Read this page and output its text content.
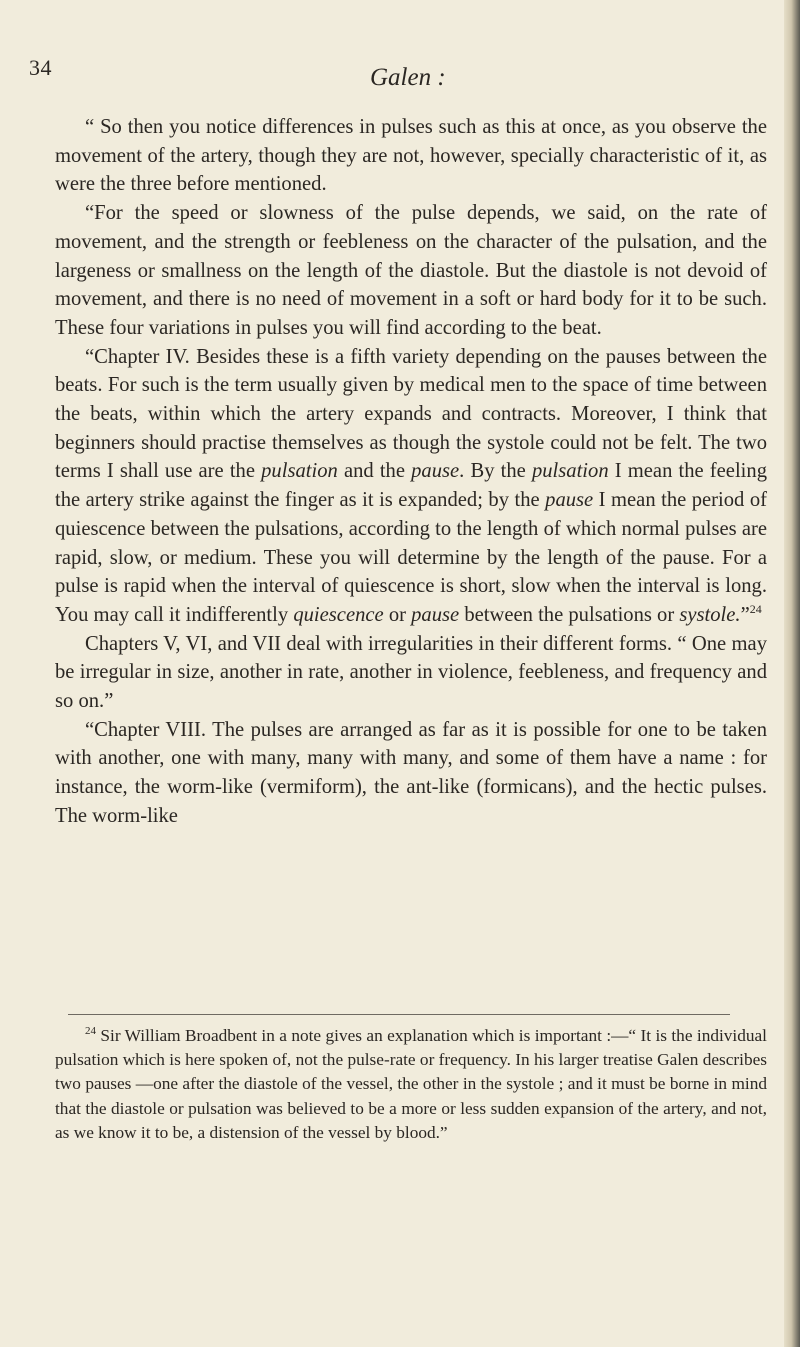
34	Galen :

“ So then you notice differences in pulses such as this at once, as you observe the movement of the artery, though they are not, however, specially characteristic of it, as were the three before mentioned.

“For the speed or slowness of the pulse depends, we said, on the rate of movement, and the strength or feebleness on the character of the pulsation, and the largeness or smallness on the length of the diastole. But the diastole is not devoid of movement, and there is no need of movement in a soft or hard body for it to be such. These four variations in pulses you will find according to the beat.

“Chapter IV. Besides these is a fifth variety depending on the pauses between the beats. For such is the term usually given by medical men to the space of time between the beats, within which the artery expands and contracts. Moreover, I think that beginners should practise themselves as though the systole could not be felt. The two terms I shall use are the pulsation and the pause. By the pulsation I mean the feeling the artery strike against the finger as it is expanded; by the pause I mean the period of quiescence between the pulsations, according to the length of which normal pulses are rapid, slow, or medium. These you will determine by the length of the pause. For a pulse is rapid when the interval of quiescence is short, slow when the interval is long. You may call it indifferently quiescence or pause between the pulsations or systole.”$^{24}$

Chapters V, VI, and VII deal with irregularities in their different forms. “ One may be irregular in size, another in rate, another in violence, feebleness, and frequency and so on.”

“Chapter VIII. The pulses are arranged as far as it is possible for one to be taken with another, one with many, many with many, and some of them have a name : for instance, the worm-like (vermiform), the ant-like (formicans), and the hectic pulses. The worm-like

$^{24}$ Sir William Broadbent in a note gives an explanation which is important :—“ It is the individual pulsation which is here spoken of, not the pulse-rate or frequency. In his larger treatise Galen describes two pauses —one after the diastole of the vessel, the other in the systole ; and it must be borne in mind that the diastole or pulsation was believed to be a more or less sudden expansion of the artery, and not, as we know it to be, a distension of the vessel by blood.”
